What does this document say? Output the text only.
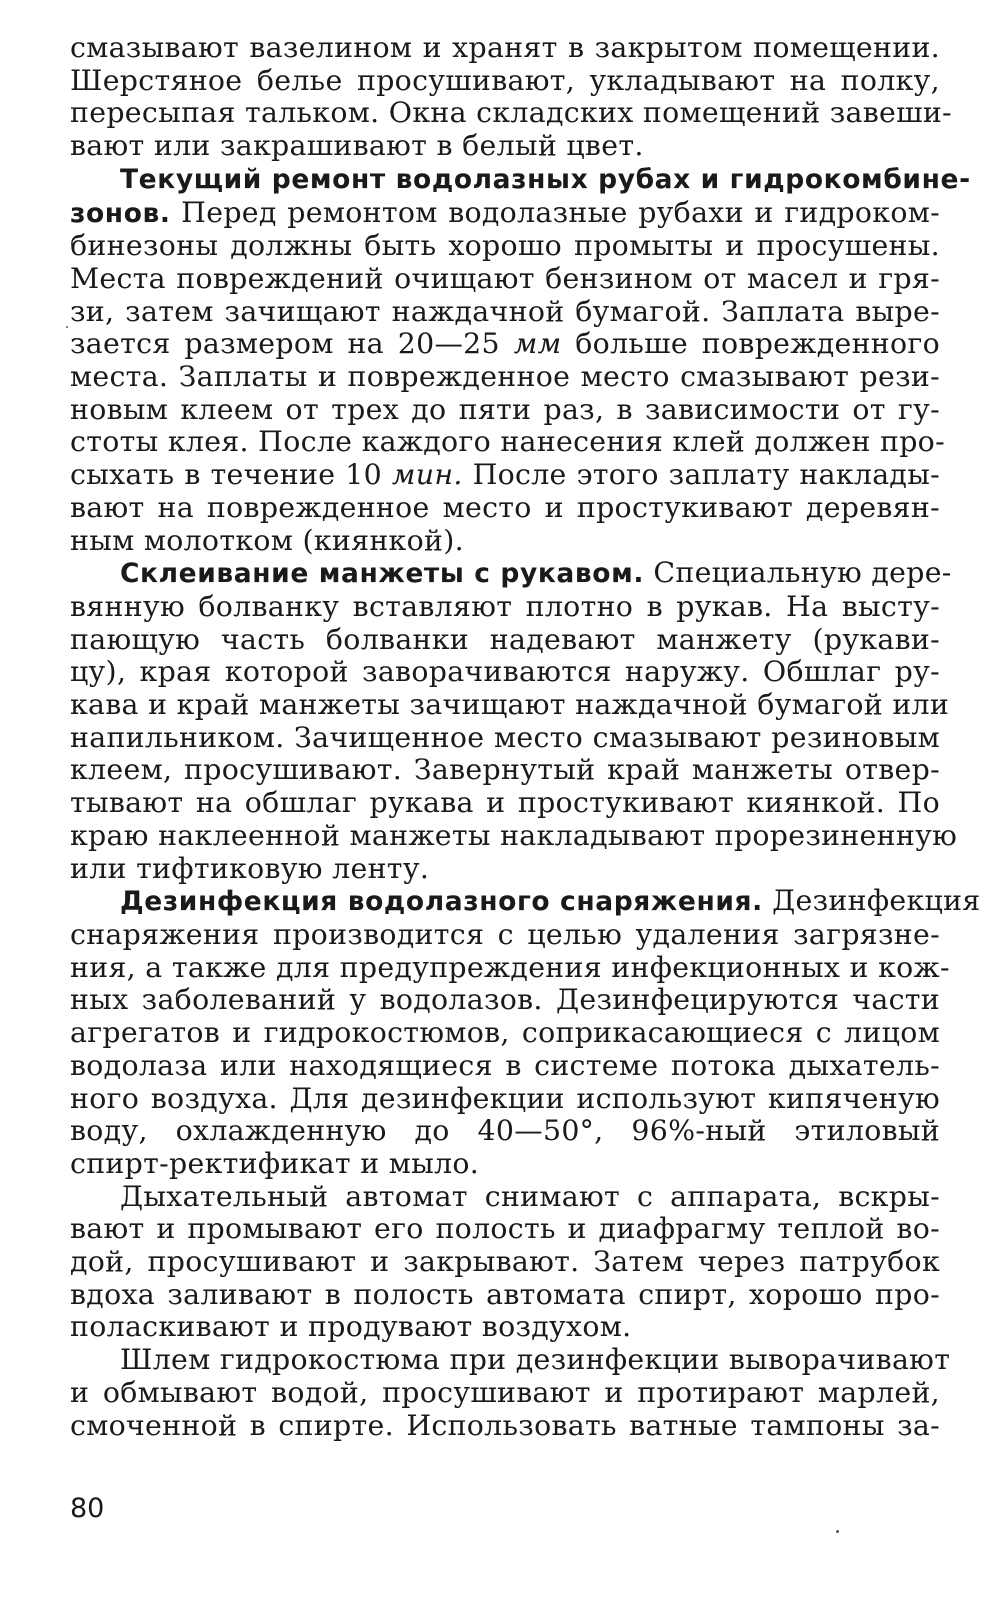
смазывают вазелином и хранят в закрытом помещении.
Шерстяное белье просушивают, укладывают на полку,
пересыпая тальком. Окна складских помещений завеши-
вают или закрашивают в белый цвет.
Текущий ремонт водолазных рубах и гидрокомбине-
зонов. Перед ремонтом водолазные рубахи и гидроком-
бинезоны должны быть хорошо промыты и просушены.
Места повреждений очищают бензином от масел и гря-
зи, затем зачищают наждачной бумагой. Заплата выре-
зается размером на 20—25 мм больше поврежденного
места. Заплаты и поврежденное место смазывают рези-
новым клеем от трех до пяти раз, в зависимости от гу-
стоты клея. После каждого нанесения клей должен про-
сыхать в течение 10 мин. После этого заплату наклады-
вают на поврежденное место и простукивают деревян-
ным молотком (киянкой).
Склеивание манжеты с рукавом. Специальную дере-
вянную болванку вставляют плотно в рукав. На высту-
пающую часть болванки надевают манжету (рукави-
цу), края которой заворачиваются наружу. Обшлаг ру-
кава и край манжеты зачищают наждачной бумагой или
напильником. Зачищенное место смазывают резиновым
клеем, просушивают. Завернутый край манжеты отвер-
тывают на обшлаг рукава и простукивают киянкой. По
краю наклеенной манжеты накладывают прорезиненную
или тифтиковую ленту.
Дезинфекция водолазного снаряжения. Дезинфекция
снаряжения производится с целью удаления загрязне-
ния, а также для предупреждения инфекционных и кож-
ных заболеваний у водолазов. Дезинфецируются части
агрегатов и гидрокостюмов, соприкасающиеся с лицом
водолаза или находящиеся в системе потока дыхатель-
ного воздуха. Для дезинфекции используют кипяченую
воду, охлажденную до 40—50°, 96%-ный этиловый
спирт-ректификат и мыло.
Дыхательный автомат снимают с аппарата, вскры-
вают и промывают его полость и диафрагму теплой во-
дой, просушивают и закрывают. Затем через патрубок
вдоха заливают в полость автомата спирт, хорошо про-
поласкивают и продувают воздухом.
Шлем гидрокостюма при дезинфекции выворачивают
и обмывают водой, просушивают и протирают марлей,
смоченной в спирте. Использовать ватные тампоны за-
80
